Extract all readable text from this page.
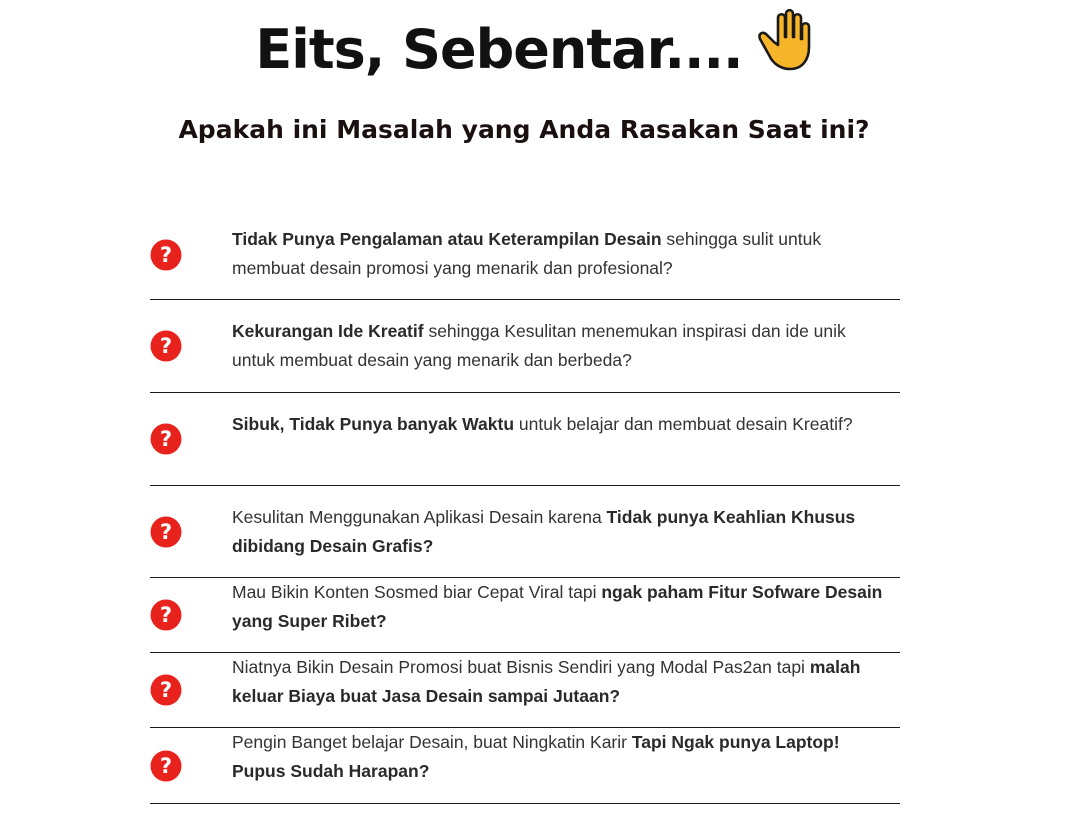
Eits, Sebentar....
Apakah ini Masalah yang Anda Rasakan Saat ini?
?
Tidak Punya Pengalaman atau Keterampilan Desain sehingga sulit untuk membuat desain promosi yang menarik dan profesional?
?
Kekurangan Ide Kreatif sehingga Kesulitan menemukan inspirasi dan ide unik untuk membuat desain yang menarik dan berbeda?
?
Sibuk, Tidak Punya banyak Waktu untuk belajar dan membuat desain Kreatif?
?
Kesulitan Menggunakan Aplikasi Desain karena Tidak punya Keahlian Khusus dibidang Desain Grafis?
?
Mau Bikin Konten Sosmed biar Cepat Viral tapi ngak paham Fitur Sofware Desain yang Super Ribet?
?
Niatnya Bikin Desain Promosi buat Bisnis Sendiri yang Modal Pas2an tapi malah keluar Biaya buat Jasa Desain sampai Jutaan?
?
Pengin Banget belajar Desain, buat Ningkatin Karir Tapi Ngak punya Laptop! Pupus Sudah Harapan?
